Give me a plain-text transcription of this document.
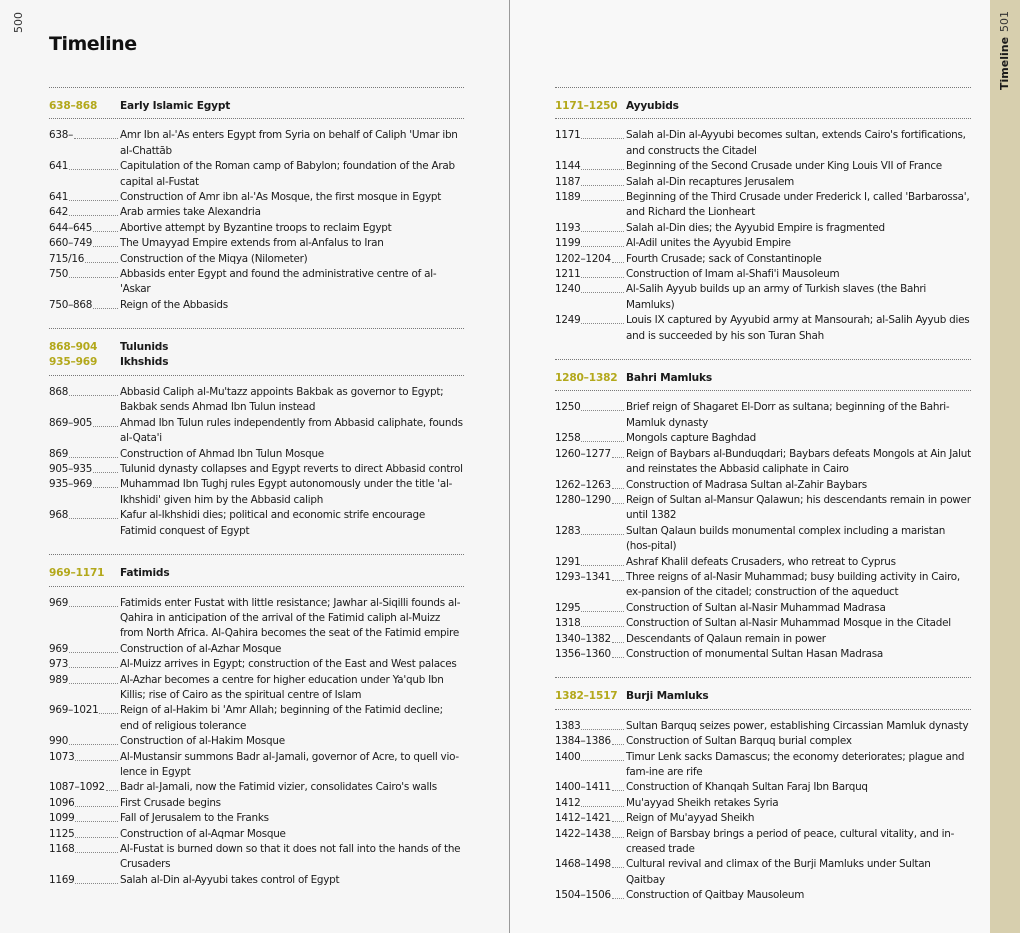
500	501
Timeline
Timeline
638–868	Early Islamic Egypt
638–	Amr Ibn al-'As enters Egypt from Syria on behalf of Caliph 'Umar ibn al-Chattāb
641	Capitulation of the Roman camp of Babylon; foundation of the Arab capital al-Fustat
641	Construction of Amr ibn al-'As Mosque, the first mosque in Egypt
642	Arab armies take Alexandria
644–645	Abortive attempt by Byzantine troops to reclaim Egypt
660–749	The Umayyad Empire extends from al-Anfalus to Iran
715/16	Construction of the Miqya (Nilometer)
750	Abbasids enter Egypt and found the administrative centre of al-'Askar
750–868	Reign of the Abbasids
868–904	Tulunids
935–969	Ikhshids
868	Abbasid Caliph al-Mu'tazz appoints Bakbak as governor to Egypt; Bakbak sends Ahmad Ibn Tulun instead
869–905	Ahmad Ibn Tulun rules independently from Abbasid caliphate, founds al-Qata'i
869	Construction of Ahmad Ibn Tulun Mosque
905–935	Tulunid dynasty collapses and Egypt reverts to direct Abbasid control
935–969	Muhammad Ibn Tughj rules Egypt autonomously under the title 'al-Ikhshidi' given him by the Abbasid caliph
968	Kafur al-Ikhshidi dies; political and economic strife encourage Fatimid conquest of Egypt
969–1171	Fatimids
969	Fatimids enter Fustat with little resistance; Jawhar al-Siqilli founds al-Qahira in anticipation of the arrival of the Fatimid caliph al-Muizz from North Africa. Al-Qahira becomes the seat of the Fatimid empire
969	Construction of al-Azhar Mosque
973	Al-Muizz arrives in Egypt; construction of the East and West palaces
989	Al-Azhar becomes a centre for higher education under Ya'qub Ibn Killis; rise of Cairo as the spiritual centre of Islam
969–1021 Reign of al-Hakim bi 'Amr Allah; beginning of the Fatimid decline; end of religious tolerance
990	Construction of al-Hakim Mosque
1073	Al-Mustansir summons Badr al-Jamali, governor of Acre, to quell vio-lence in Egypt
1087–1092 Badr al-Jamali, now the Fatimid vizier, consolidates Cairo's walls
1096	First Crusade begins
1099	Fall of Jerusalem to the Franks
1125	Construction of al-Aqmar Mosque
1168	Al-Fustat is burned down so that it does not fall into the hands of the Crusaders
1169	Salah al-Din al-Ayyubi takes control of Egypt
1171–1250 Ayyubids
1171	Salah al-Din al-Ayyubi becomes sultan, extends Cairo's fortifications, and constructs the Citadel
1144	Beginning of the Second Crusade under King Louis VII of France
1187	Salah al-Din recaptures Jerusalem
1189	Beginning of the Third Crusade under Frederick I, called 'Barbarossa', and Richard the Lionheart
1193	Salah al-Din dies; the Ayyubid Empire is fragmented
1199	Al-Adil unites the Ayyubid Empire
1202–1204 Fourth Crusade; sack of Constantinople
1211	Construction of Imam al-Shafi'i Mausoleum
1240	Al-Salih Ayyub builds up an army of Turkish slaves (the Bahri Mamluks)
1249	Louis IX captured by Ayyubid army at Mansourah; al-Salih Ayyub dies and is succeeded by his son Turan Shah
1280–1382 Bahri Mamluks
1250	Brief reign of Shagaret El-Dorr as sultana; beginning of the Bahri-Mamluk dynasty
1258	Mongols capture Baghdad
1260–1277 Reign of Baybars al-Bunduqdari; Baybars defeats Mongols at Ain Jalut and reinstates the Abbasid caliphate in Cairo
1262–1263 Construction of Madrasa Sultan al-Zahir Baybars
1280–1290 Reign of Sultan al-Mansur Qalawun; his descendants remain in power until 1382
1283	Sultan Qalaun builds monumental complex including a maristan (hos-pital)
1291	Ashraf Khalil defeats Crusaders, who retreat to Cyprus
1293–1341 Three reigns of al-Nasir Muhammad; busy building activity in Cairo, ex-pansion of the citadel; construction of the aqueduct
1295	Construction of Sultan al-Nasir Muhammad Madrasa
1318	Construction of Sultan al-Nasir Muhammad Mosque in the Citadel
1340–1382 Descendants of Qalaun remain in power
1356–1360 Construction of monumental Sultan Hasan Madrasa
1382–1517 Burji Mamluks
1383	Sultan Barquq seizes power, establishing Circassian Mamluk dynasty
1384–1386 Construction of Sultan Barquq burial complex
1400	Timur Lenk sacks Damascus; the economy deteriorates; plague and fam-ine are rife
1400–1411 Construction of Khanqah Sultan Faraj Ibn Barquq
1412	Mu'ayyad Sheikh retakes Syria
1412–1421 Reign of Mu'ayyad Sheikh
1422–1438 Reign of Barsbay brings a period of peace, cultural vitality, and in-creased trade
1468–1498 Cultural revival and climax of the Burji Mamluks under Sultan Qaitbay
1504–1506 Construction of Qaitbay Mausoleum
